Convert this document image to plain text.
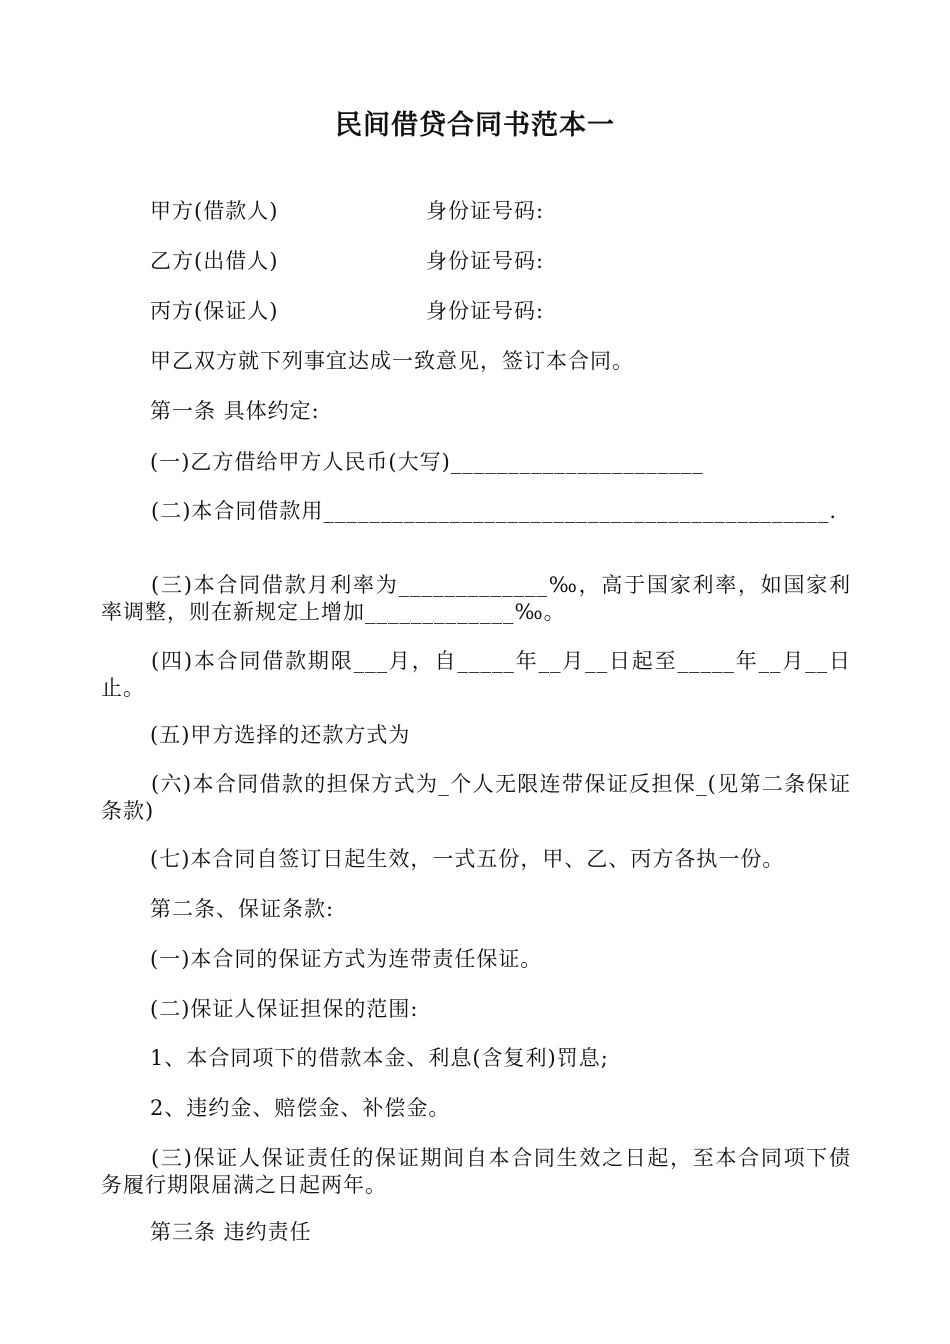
民间借贷合同书范本一
甲方(借款人)	身份证号码:
乙方(出借人)	身份证号码:
丙方(保证人)	身份证号码:
甲乙双方就下列事宜达成一致意见，签订本合同。
第一条 具体约定:
(一)乙方借给甲方人民币(大写)______________________
(二)本合同借款用____________________________________________.
(三)本合同借款月利率为_____________‰，高于国家利率，如国家利率调整，则在新规定上增加_____________‰。
(四)本合同借款期限___月，自_____年__月__日起至_____年__月__日止。
(五)甲方选择的还款方式为
(六)本合同借款的担保方式为_个人无限连带保证反担保_(见第二条保证条款)
(七)本合同自签订日起生效，一式五份，甲、乙、丙方各执一份。
第二条、保证条款:
(一)本合同的保证方式为连带责任保证。
(二)保证人保证担保的范围:
1、本合同项下的借款本金、利息(含复利)罚息;
2、违约金、赔偿金、补偿金。
(三)保证人保证责任的保证期间自本合同生效之日起，至本合同项下债务履行期限届满之日起两年。
第三条 违约责任
